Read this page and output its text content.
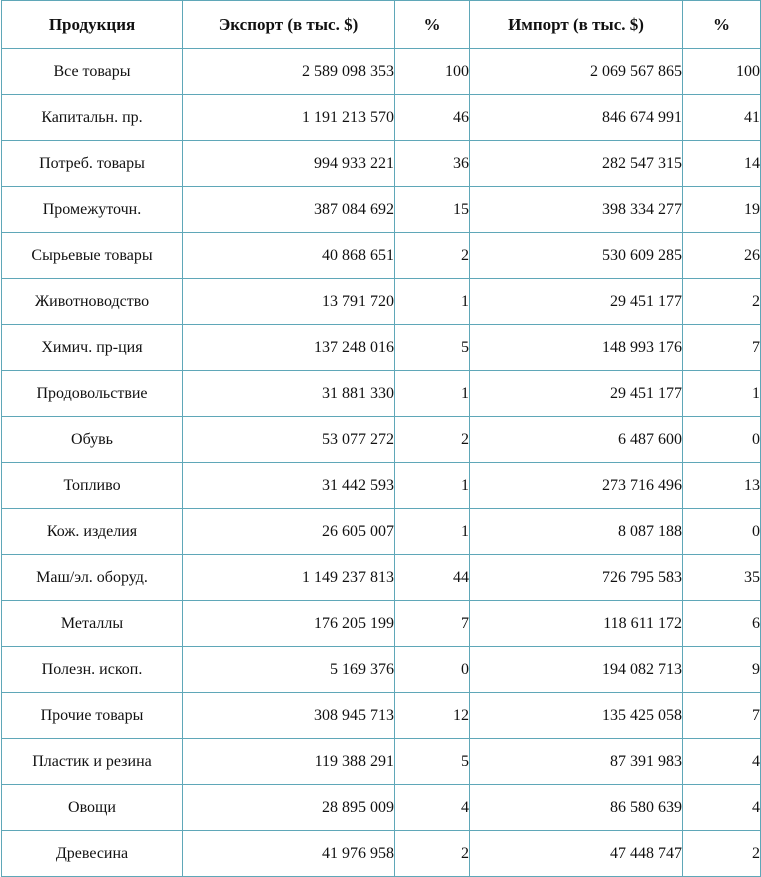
Продукция	Экспорт (в тыс. $)	%	Импорт (в тыс. $)	%
Все товары	2 589 098 353	100	2 069 567 865	100
Капитальн. пр.	1 191 213 570	46	846 674 991	41
Потреб. товары	994 933 221	36	282 547 315	14
Промежуточн.	387 084 692	15	398 334 277	19
Сырьевые товары	40 868 651	2	530 609 285	26
Животноводство	13 791 720	1	29 451 177	2
Химич. пр-ция	137 248 016	5	148 993 176	7
Продовольствие	31 881 330	1	29 451 177	1
Обувь	53 077 272	2	6 487 600	0
Топливо	31 442 593	1	273 716 496	13
Кож. изделия	26 605 007	1	8 087 188	0
Маш/эл. оборуд.	1 149 237 813	44	726 795 583	35
Металлы	176 205 199	7	118 611 172	6
Полезн. ископ.	5 169 376	0	194 082 713	9
Прочие товары	308 945 713	12	135 425 058	7
Пластик и резина	119 388 291	5	87 391 983	4
Овощи	28 895 009	4	86 580 639	4
Древесина	41 976 958	2	47 448 747	2
